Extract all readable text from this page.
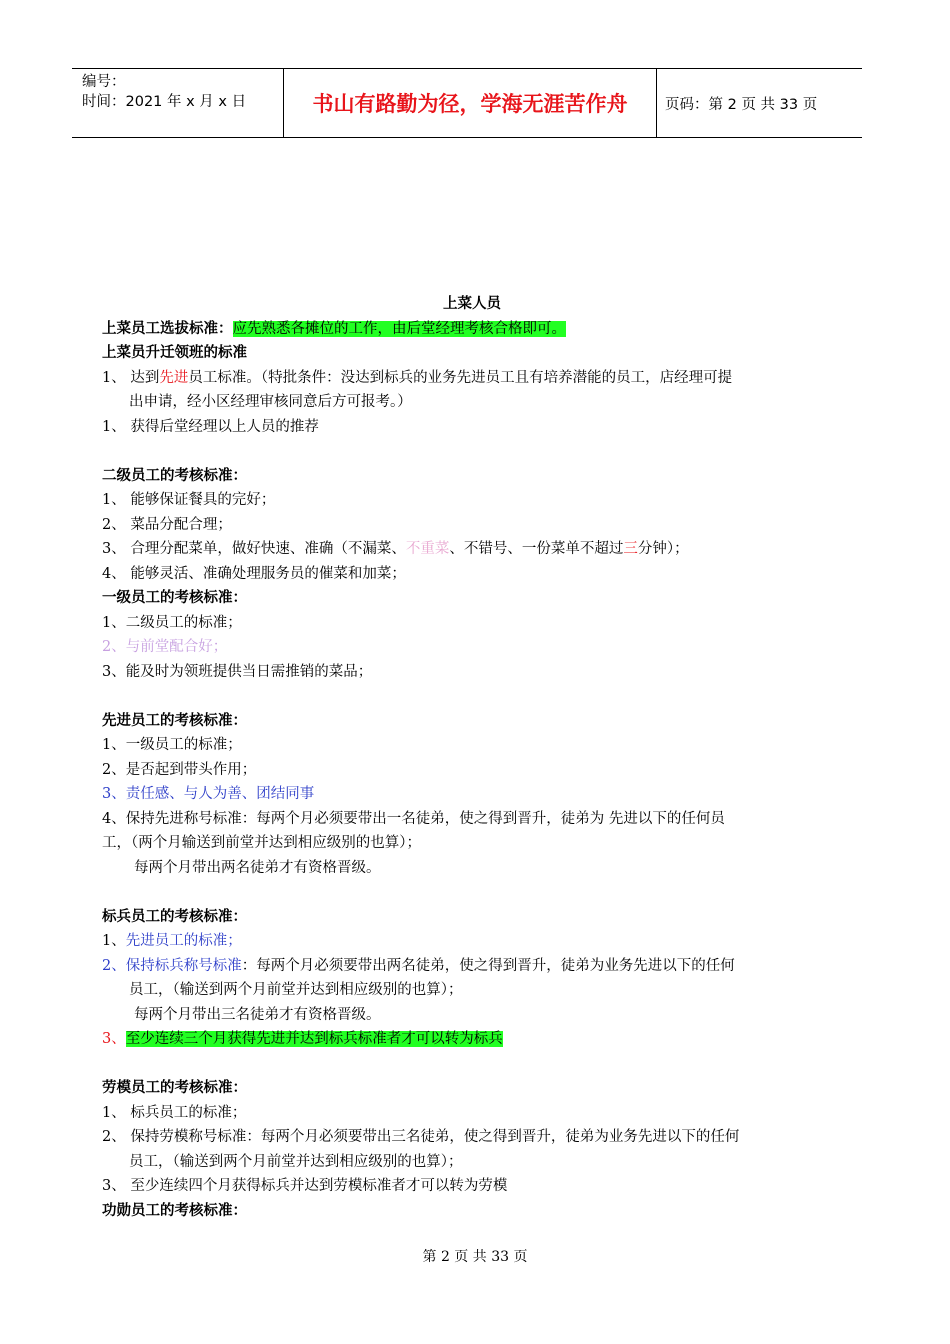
编号：
时间：2021 年 x 月 x 日	书山有路勤为径，学海无涯苦作舟	页码：第 2 页 共 33 页
上菜人员
上菜员工选拔标准：应先熟悉各摊位的工作，由后堂经理考核合格即可。
上菜员升迁领班的标准
1、 达到先进员工标准。（特批条件：没达到标兵的业务先进员工且有培养潜能的员工，店经理可提
出申请，经小区经理审核同意后方可报考。）
1、 获得后堂经理以上人员的推荐
二级员工的考核标准：
1、 能够保证餐具的完好；
2、 菜品分配合理；
3、 合理分配菜单，做好快速、准确（不漏菜、不重菜、不错号、一份菜单不超过三分钟）；
4、 能够灵活、准确处理服务员的催菜和加菜；
一级员工的考核标准：
1、二级员工的标准；
2、与前堂配合好；
3、能及时为领班提供当日需推销的菜品；
先进员工的考核标准：
1、一级员工的标准；
2、是否起到带头作用；
3、责任感、与人为善、团结同事
4、保持先进称号标准：每两个月必须要带出一名徒弟，使之得到晋升，徒弟为 先进以下的任何员
工，（两个月输送到前堂并达到相应级别的也算）；
每两个月带出两名徒弟才有资格晋级。
标兵员工的考核标准：
1、先进员工的标准；
2、保持标兵称号标准：每两个月必须要带出两名徒弟，使之得到晋升，徒弟为业务先进以下的任何
员工，（输送到两个月前堂并达到相应级别的也算）；
每两个月带出三名徒弟才有资格晋级。
3、至少连续三个月获得先进并达到标兵标准者才可以转为标兵
劳模员工的考核标准：
1、 标兵员工的标准；
2、 保持劳模称号标准：每两个月必须要带出三名徒弟，使之得到晋升，徒弟为业务先进以下的任何
员工，（输送到两个月前堂并达到相应级别的也算）；
3、 至少连续四个月获得标兵并达到劳模标准者才可以转为劳模
功勋员工的考核标准：
第 2 页 共 33 页
